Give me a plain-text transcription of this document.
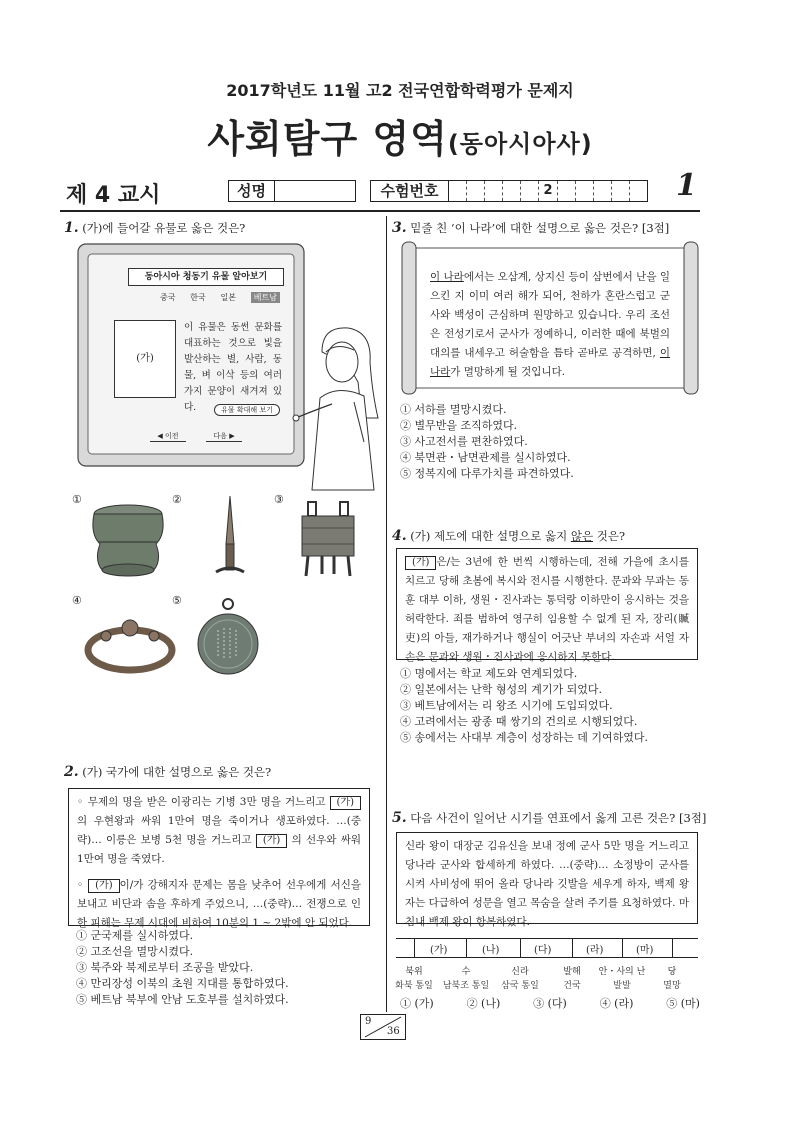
2017학년도 11월 고2 전국연합학력평가 문제지
사회탐구 영역(동아시아사)
제 4 교시	성명	수험번호	2	1
1. (가)에 들어갈 유물로 옳은 것은?
동아시아 청동기 유물 알아보기
중국 한국 일본	베트남
(가)
이 유물은 동썬 문화를 대표하는 것으로 빛을 발산하는 별, 사람, 동물, 벼 이삭 등의 여러 가지 문양이 새겨져 있다.	유물 확대해 보기
◀ 이전	다음 ▶
①	②	③
④	⑤
2. (가) 국가에 대한 설명으로 옳은 것은?
◦ 무제의 명을 받은 이광리는 기병 3만 명을 거느리고 (가) 의 우현왕과 싸워 1만여 명을 죽이거나 생포하였다. …(중략)… 이릉은 보병 5천 명을 거느리고 (가) 의 선우와 싸워 1만여 명을 죽였다.
◦ (가) 이/가 강해지자 문제는 몸을 낮추어 선우에게 서신을 보내고 비단과 솜을 후하게 주었으니, …(중략)… 전쟁으로 인한 피해는 무제 시대에 비하여 10분의 1 ~ 2밖에 안 되었다.
① 군국제를 실시하였다.
② 고조선을 멸망시켰다.
③ 북주와 북제로부터 조공을 받았다.
④ 만리장성 이북의 초원 지대를 통합하였다.
⑤ 베트남 북부에 안남 도호부를 설치하였다.
3. 밑줄 친 ‘이 나라’에 대한 설명으로 옳은 것은? [3점]
이 나라에서는 오삼계, 상지신 등이 삼번에서 난을 일으킨 지 이미 여러 해가 되어, 천하가 혼란스럽고 군사와 백성이 근심하며 원망하고 있습니다. 우리 조선은 전성기로서 군사가 정예하니, 이러한 때에 북벌의 대의를 내세우고 허술함을 틈타 곧바로 공격하면, 이 나라가 멸망하게 될 것입니다.
① 서하를 멸망시켰다.
② 별무반을 조직하였다.
③ 사고전서를 편찬하였다.
④ 북면관・남면관제를 실시하였다.
⑤ 정복지에 다루가치를 파견하였다.
4. (가) 제도에 대한 설명으로 옳지 않은 것은?
(가) 은/는 3년에 한 번씩 시행하는데, 전해 가을에 초시를 치르고 당해 초봄에 복시와 전시를 시행한다. 문과와 무과는 동훈 대부 이하, 생원・진사과는 통덕랑 이하만이 응시하는 것을 허락한다. 죄를 범하여 영구히 임용할 수 없게 된 자, 장리(贓吏)의 아들, 재가하거나 행실이 어긋난 부녀의 자손과 서얼 자손은 문과와 생원・진사과에 응시하지 못한다.
① 명에서는 학교 제도와 연계되었다.
② 일본에서는 난학 형성의 계기가 되었다.
③ 베트남에서는 리 왕조 시기에 도입되었다.
④ 고려에서는 광종 때 쌍기의 건의로 시행되었다.
⑤ 송에서는 사대부 계층이 성장하는 데 기여하였다.
5. 다음 사건이 일어난 시기를 연표에서 옳게 고른 것은? [3점]
신라 왕이 대장군 김유신을 보내 정예 군사 5만 명을 거느리고 당나라 군사와 합세하게 하였다. …(중략)… 소정방이 군사를 시켜 사비성에 뛰어 올라 당나라 깃발을 세우게 하자, 백제 왕자는 다급하여 성문을 열고 목숨을 살려 주기를 요청하였다. 마침내 백제 왕이 항복하였다.
(가)	(나)	(다)	(라)	(마)
북위	수	신라	발해	안・사의 난	당
화북 통일	남북조 통일	삼국 통일	건국	발발	멸망
① (가)	② (나)	③ (다)	④ (라)	⑤ (마)
9
36
